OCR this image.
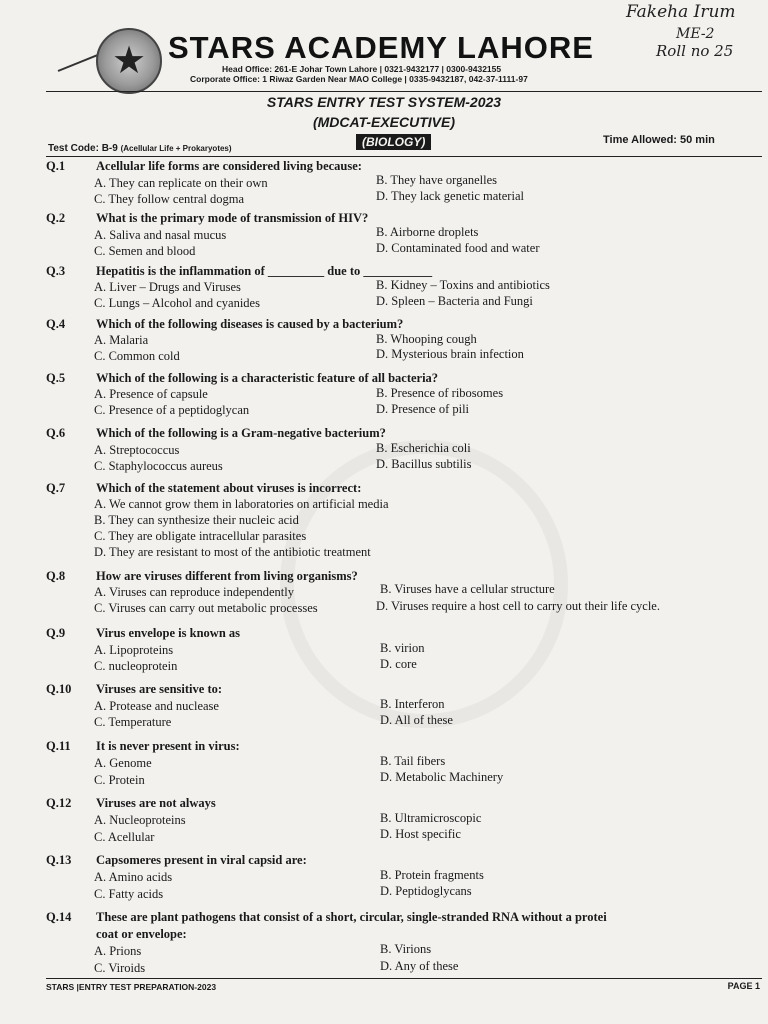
★ STARS ACADEMY LAHORE
Head Office: 261-E Johar Town Lahore | 0321-9432177 | 0300-9432155
Corporate Office: 1 Riwaz Garden Near MAO College | 0335-9432187, 042-37-1111-97
Fakeha Irum
ME-2
Roll no 25
STARS ENTRY TEST SYSTEM-2023
(MDCAT-EXECUTIVE)
(BIOLOGY)
Test Code: B-9 (Acellular Life + Prokaryotes)
Time Allowed: 50 min
Q.1 Acellular life forms are considered living because:
A. They can replicate on their own	B. They have organelles
C. They follow central dogma	D. They lack genetic material
Q.2 What is the primary mode of transmission of HIV?
A. Saliva and nasal mucus	B. Airborne droplets
C. Semen and blood	D. Contaminated food and water
Q.3 Hepatitis is the inflammation of _________ due to ___________
A. Liver – Drugs and Viruses	B. Kidney – Toxins and antibiotics
C. Lungs – Alcohol and cyanides	D. Spleen – Bacteria and Fungi
Q.4 Which of the following diseases is caused by a bacterium?
A. Malaria	B. Whooping cough
C. Common cold	D. Mysterious brain infection
Q.5 Which of the following is a characteristic feature of all bacteria?
A. Presence of capsule	B. Presence of ribosomes
C. Presence of a peptidoglycan	D. Presence of pili
Q.6 Which of the following is a Gram-negative bacterium?
A. Streptococcus	B. Escherichia coli
C. Staphylococcus aureus	D. Bacillus subtilis
Q.7 Which of the statement about viruses is incorrect:
A. We cannot grow them in laboratories on artificial media
B. They can synthesize their nucleic acid
C. They are obligate intracellular parasites
D. They are resistant to most of the antibiotic treatment
Q.8 How are viruses different from living organisms?
A. Viruses can reproduce independently	B. Viruses have a cellular structure
C. Viruses can carry out metabolic processes	D. Viruses require a host cell to carry out their life cycle.
Q.9 Virus envelope is known as
A. Lipoproteins	B. virion
C. nucleoprotein	D. core
Q.10 Viruses are sensitive to:
A. Protease and nuclease	B. Interferon
C. Temperature	D. All of these
Q.11 It is never present in virus:
A. Genome	B. Tail fibers
C. Protein	D. Metabolic Machinery
Q.12 Viruses are not always
A. Nucleoproteins	B. Ultramicroscopic
C. Acellular	D. Host specific
Q.13 Capsomeres present in viral capsid are:
A. Amino acids	B. Protein fragments
C. Fatty acids	D. Peptidoglycans
Q.14 These are plant pathogens that consist of a short, circular, single-stranded RNA without a protei
coat or envelope:
A. Prions	B. Virions
C. Viroids	D. Any of these
STARS |ENTRY TEST PREPARATION-2023	PAGE 1
